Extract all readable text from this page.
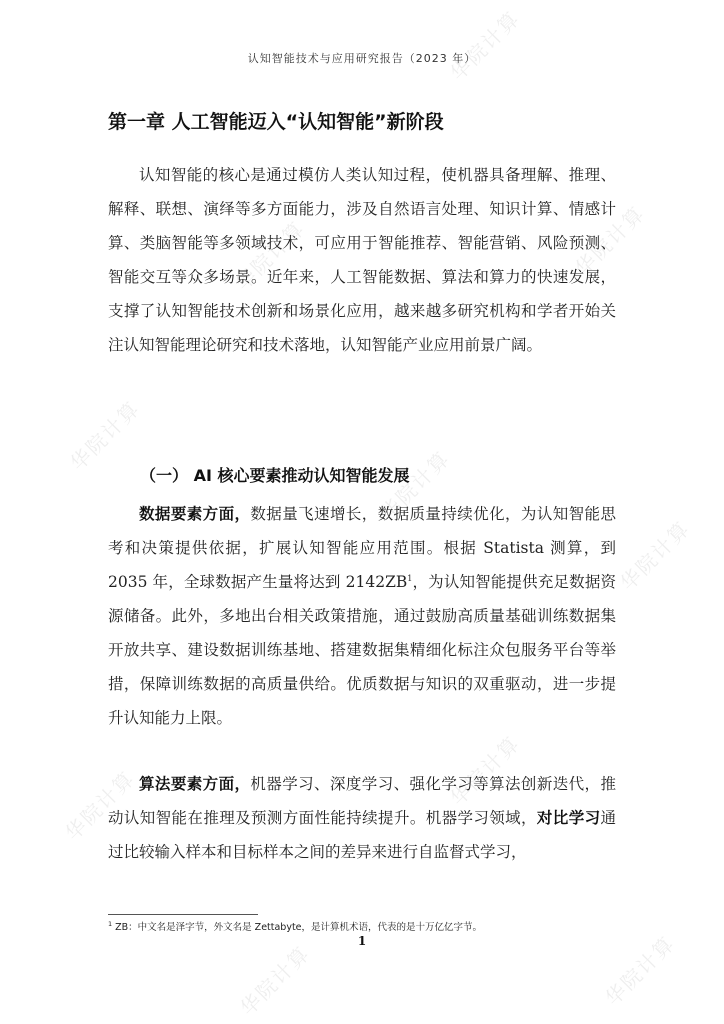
认知智能技术与应用研究报告（2023 年）
第一章 人工智能迈入“认知智能”新阶段

认知智能的核心是通过模仿人类认知过程，使机器具备理解、推理、解释、联想、演绎等多方面能力，涉及自然语言处理、知识计算、情感计算、类脑智能等多领域技术，可应用于智能推荐、智能营销、风险预测、智能交互等众多场景。近年来，人工智能数据、算法和算力的快速发展，支撑了认知智能技术创新和场景化应用，越来越多研究机构和学者开始关注认知智能理论研究和技术落地，认知智能产业应用前景广阔。

（一） AI 核心要素推动认知智能发展

数据要素方面，数据量飞速增长，数据质量持续优化，为认知智能思考和决策提供依据，扩展认知智能应用范围。根据 Statista 测算，到 2035 年，全球数据产生量将达到 2142ZB$^1$，为认知智能提供充足数据资源储备。此外，多地出台相关政策措施，通过鼓励高质量基础训练数据集开放共享、建设数据训练基地、搭建数据集精细化标注众包服务平台等举措，保障训练数据的高质量供给。优质数据与知识的双重驱动，进一步提升认知能力上限。

算法要素方面，机器学习、深度学习、强化学习等算法创新迭代，推动认知智能在推理及预测方面性能持续提升。机器学习领域，对比学习通过比较输入样本和目标样本之间的差异来进行自监督式学习，

$^1$ ZB：中文名是泽字节，外文名是 Zettabyte，是计算机术语，代表的是十万亿亿字节。

1
华院计算
华院计算
华院计算
华院计算
华院计算
华院计算
华院计算	华院计算
华院计算	华院计算
